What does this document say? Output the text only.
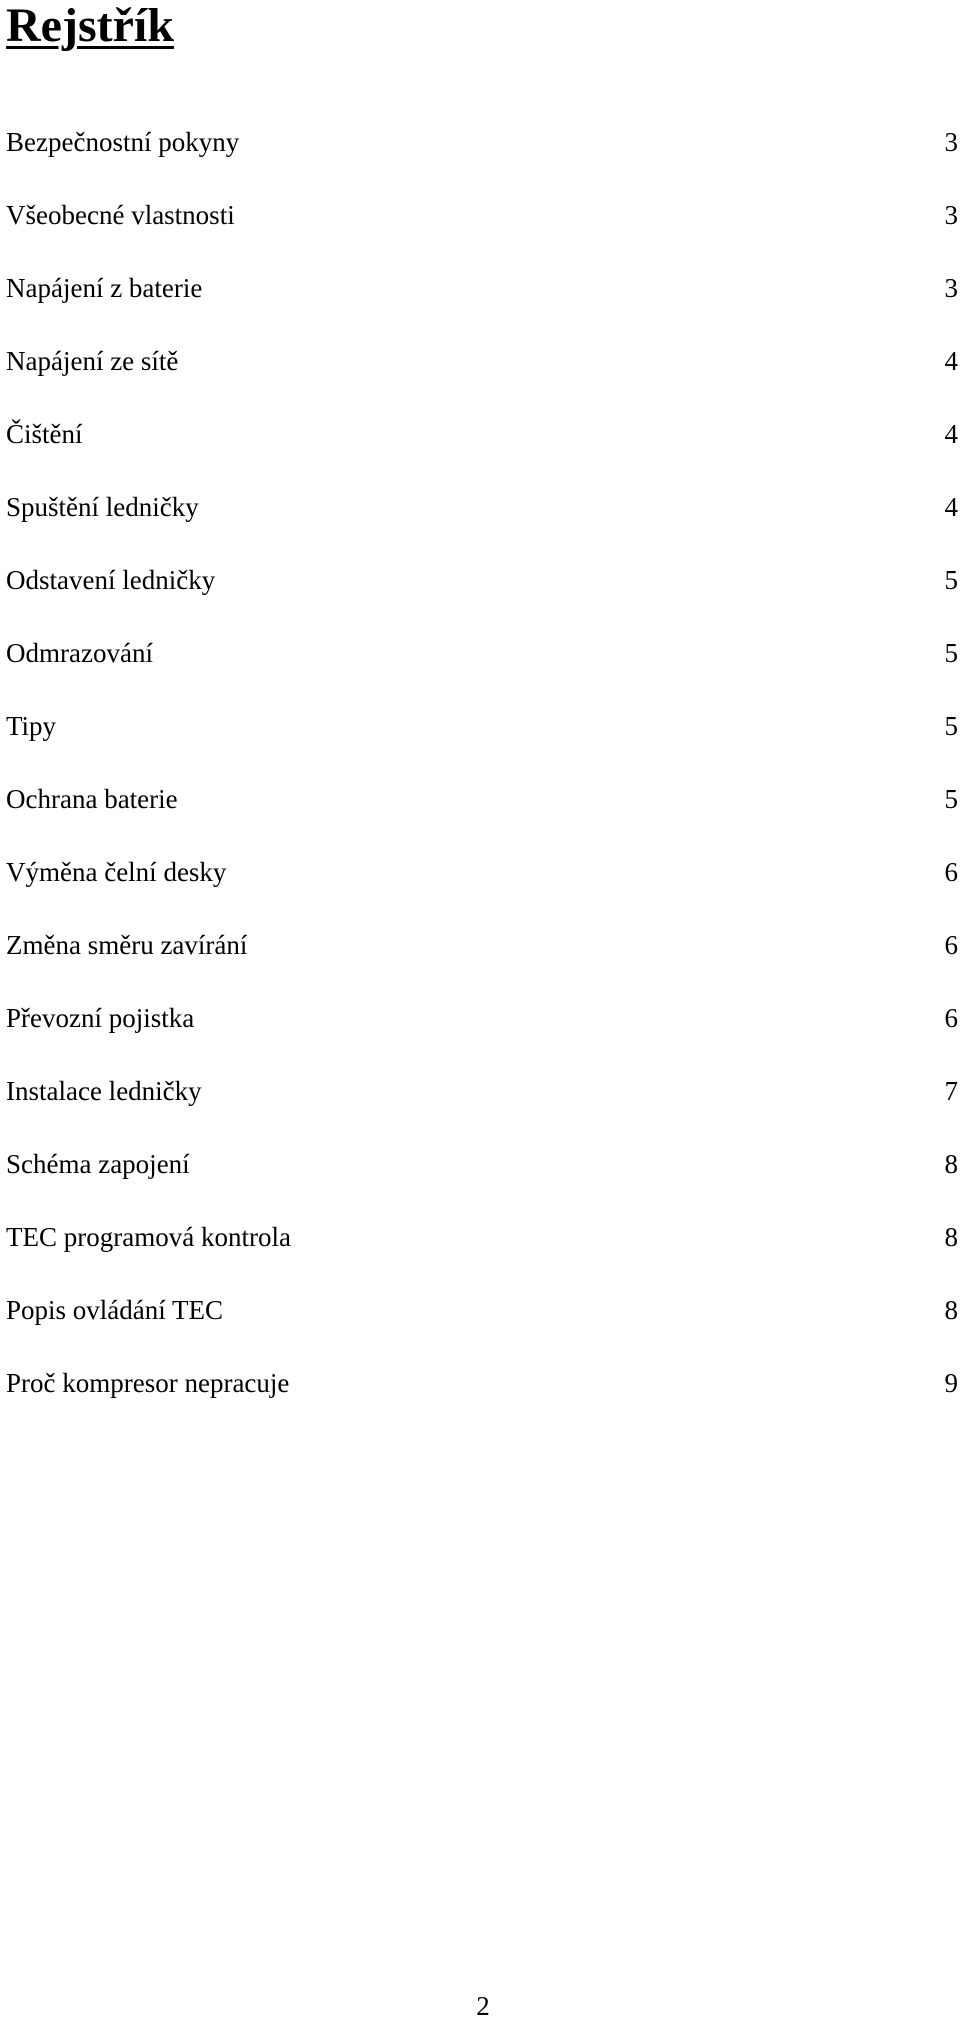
Rejstřík
Bezpečnostní pokyny	3
Všeobecné vlastnosti	3
Napájení z baterie	3
Napájení ze sítě	4
Čištění	4
Spuštění ledničky	4
Odstavení ledničky	5
Odmrazování	5
Tipy	5
Ochrana baterie	5
Výměna čelní desky	6
Změna směru zavírání	6
Převozní pojistka	6
Instalace ledničky	7
Schéma zapojení	8
TEC programová kontrola	8
Popis ovládání TEC	8
Proč kompresor nepracuje	9
2
